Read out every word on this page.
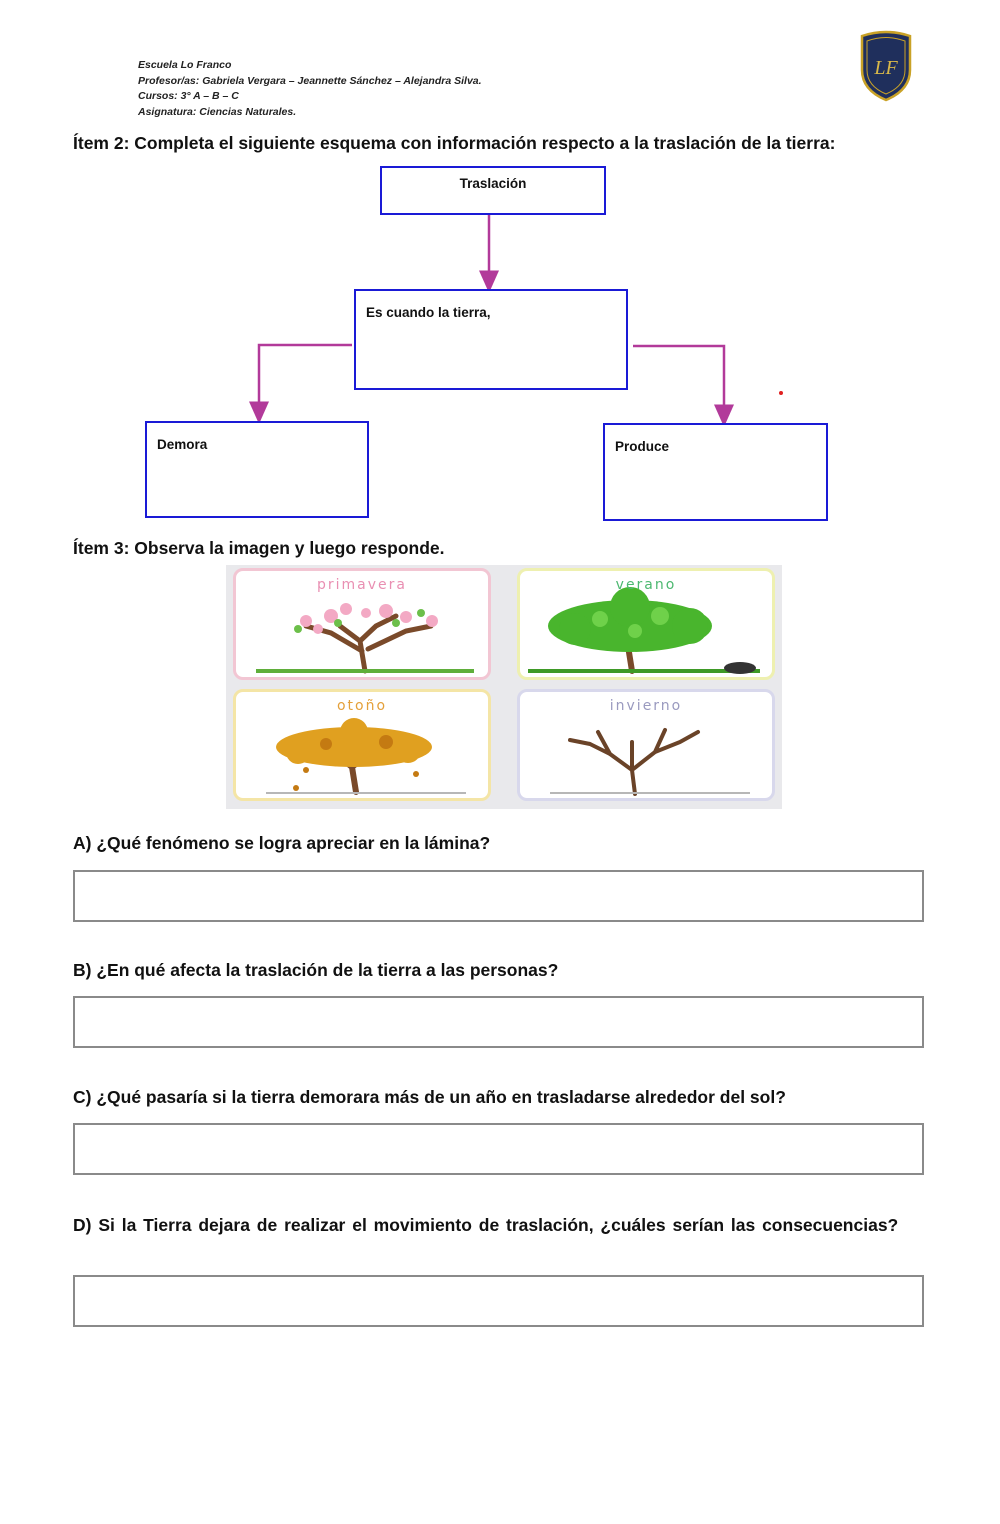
Escuela Lo Franco
Profesor/as: Gabriela Vergara – Jeannette Sánchez – Alejandra Silva.
Cursos: 3° A – B – C
Asignatura: Ciencias Naturales.
LF
Ítem 2: Completa el siguiente esquema con información respecto a la traslación de la tierra:
Traslación
Es cuando la tierra,
Demora	Produce
Ítem 3: Observa la imagen y luego responde.
primavera	verano
otoño	invierno
A) ¿Qué fenómeno se logra apreciar en la lámina?
B) ¿En qué afecta la traslación de la tierra a las personas?
C) ¿Qué pasaría si la tierra demorara más de un año en trasladarse alrededor del sol?
D) Si la Tierra dejara de realizar el movimiento de traslación, ¿cuáles serían las consecuencias?
